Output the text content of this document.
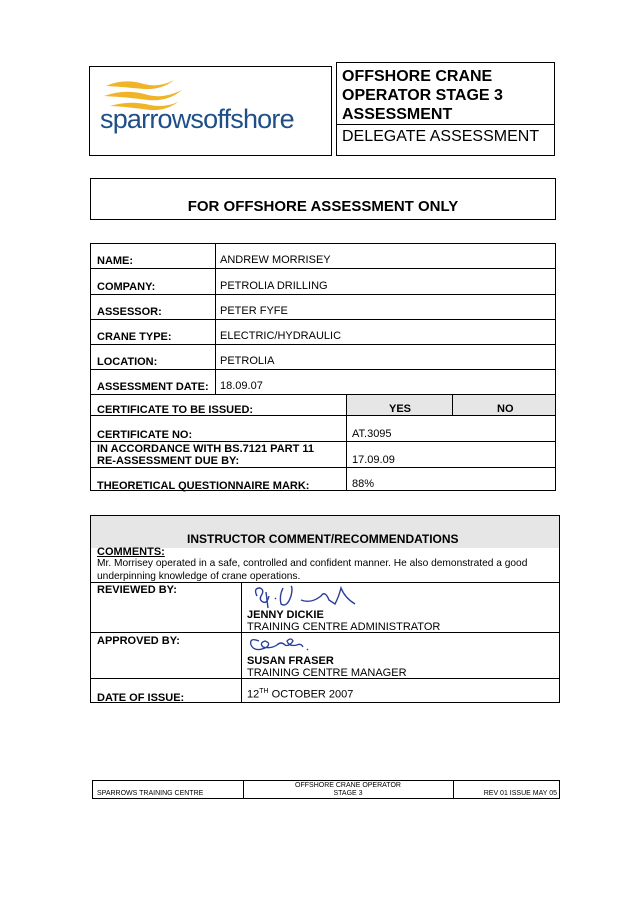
sparrowsoffshore
OFFSHORE CRANE
OPERATOR STAGE 3
ASSESSMENT
DELEGATE ASSESSMENT
FOR OFFSHORE ASSESSMENT ONLY
NAME:	ANDREW MORRISEY
COMPANY:	PETROLIA DRILLING
ASSESSOR:	PETER FYFE
CRANE TYPE:	ELECTRIC/HYDRAULIC
LOCATION:	PETROLIA
ASSESSMENT DATE: 18.09.07
CERTIFICATE TO BE ISSUED:	YES	NO
CERTIFICATE NO:	AT.3095
IN ACCORDANCE WITH BS.7121 PART 11
RE-ASSESSMENT DUE BY:	17.09.09
THEORETICAL QUESTIONNAIRE MARK:	88%
INSTRUCTOR COMMENT/RECOMMENDATIONS
COMMENTS:
Mr. Morrisey operated in a safe, controlled and confident manner. He also demonstrated a good
underpinning knowledge of crane operations.
REVIEWED BY:
JENNY DICKIE
TRAINING CENTRE ADMINISTRATOR
APPROVED BY:
SUSAN FRASER
TRAINING CENTRE MANAGER
DATE OF ISSUE:	12TH OCTOBER 2007
SPARROWS TRAINING CENTRE
OFFSHORE CRANE OPERATOR
STAGE 3	REV 01 ISSUE MAY 05
